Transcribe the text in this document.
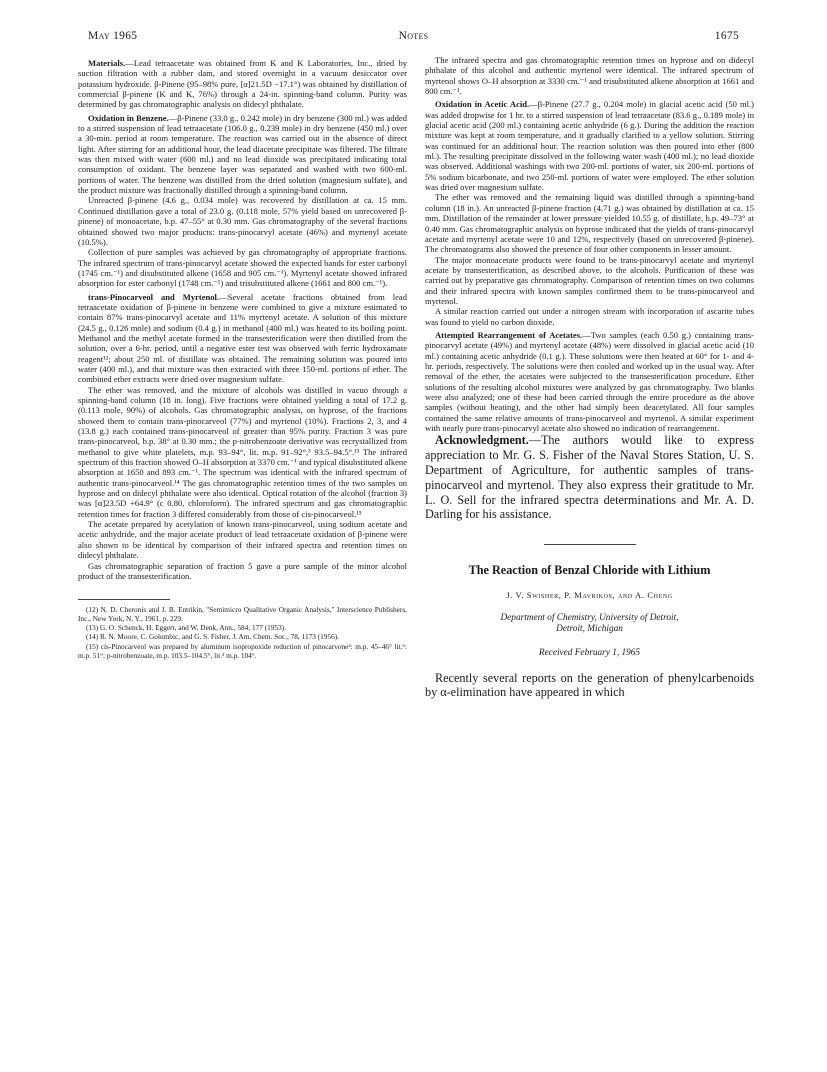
May 1965	Notes	1675

Materials.—Lead tetraacetate was obtained from K and K Laboratories, Inc., dried by suction filtration with a rubber dam, and stored overnight in a vacuum desiccator over potassium hydroxide. β-Pinene (95–98% pure, [α]21.5D −17.1°) was obtained by distillation of commercial β-pinene (K and K, 76%) through a 24-in. spinning-band column. Purity was determined by gas chromatographic analysis on didecyl phthalate.

Oxidation in Benzene.—β-Pinene (33.0 g., 0.242 mole) in dry benzene (300 ml.) was added to a stirred suspension of lead tetraacetate (106.0 g., 0.239 mole) in dry benzene (450 ml.) over a 30-min. period at room temperature. The reaction was carried out in the absence of direct light. After stirring for an additional hour, the lead diacetate precipitate was filtered. The filtrate was then mixed with water (600 ml.) and no lead dioxide was precipitated indicating total consumption of oxidant. The benzene layer was separated and washed with two 600-ml. portions of water. The benzene was distilled from the dried solution (magnesium sulfate), and the product mixture was fractionally distilled through a spinning-band column.

Unreacted β-pinene (4.6 g., 0.034 mole) was recovered by distillation at ca. 15 mm. Continued distillation gave a total of 23.0 g. (0.118 mole, 57% yield based on unrecovered β-pinene) of monoacetate, b.p. 47–55° at 0.30 mm. Gas chromatography of the several fractions obtained showed two major products: trans-pinocarvyl acetate (46%) and myrtenyl acetate (10.5%).

Collection of pure samples was achieved by gas chromatography of appropriate fractions. The infrared spectrum of trans-pinocarvyl acetate showed the expected bands for ester carbonyl (1745 cm.⁻¹) and disubstituted alkene (1658 and 905 cm.⁻¹). Myrtenyl acetate showed infrared absorption for ester carbonyl (1748 cm.⁻¹) and trisubstituted alkene (1661 and 800 cm.⁻¹).

trans-Pinocarveol and Myrtenol.—Several acetate fractions obtained from lead tetraacetate oxidation of β-pinene in benzene were combined to give a mixture estimated to contain 87% trans-pinocarvyl acetate and 11% myrtenyl acetate. A solution of this mixture (24.5 g., 0.126 mole) and sodium (0.4 g.) in methanol (400 ml.) was heated to its boiling point. Methanol and the methyl acetate formed in the transesterification were then distilled from the solution, over a 6-hr. period, until a negative ester test was observed with ferric hydroxamate reagent¹²; about 250 ml. of distillate was obtained. The remaining solution was poured into water (400 ml.), and that mixture was then extracted with three 150-ml. portions of ether. The combined ether extracts were dried over magnesium sulfate.

The ether was removed, and the mixture of alcohols was distilled in vacuo through a spinning-band column (18 in. long). Five fractions were obtained yielding a total of 17.2 g. (0.113 mole, 90%) of alcohols. Gas chromatographic analysis, on hyprose, of the fractions showed them to contain trans-pinocarveol (77%) and myrtenol (10%). Fractions 2, 3, and 4 (13.8 g.) each contained trans-pinocarveol of greater than 95% purity. Fraction 3 was pure trans-pinocarveol, b.p. 38° at 0.30 mm.; the p-nitrobenzoate derivative was recrystallized from methanol to give white platelets, m.p. 93–94°, lit. m.p. 91–92°,³ 93.5–94.5°.¹³ The infrared spectrum of this fraction showed O–H absorption at 3370 cm.⁻¹ and typical disubstituted alkene absorption at 1650 and 893 cm.⁻¹. The spectrum was identical with the infrared spectrum of authentic trans-pinocarveol.¹⁴ The gas chromatographic retention times of the two samples on hyprose and on didecyl phthalate were also identical. Optical rotation of the alcohol (fraction 3) was [α]23.5D +64.9° (c 0.80, chloroform). The infrared spectrum and gas chromatographic retention times for fraction 3 differed considerably from those of cis-pinocarveol.¹⁵

The acetate prepared by acetylation of known trans-pinocarveol, using sodium acetate and acetic anhydride, and the major acetate product of lead tetraacetate oxidation of β-pinene were also shown to be identical by comparison of their infrared spectra and retention times on didecyl phthalate.

Gas chromatographic separation of fraction 5 gave a pure sample of the minor alcohol product of the transesterification.

(12) N. D. Cheronis and J. B. Entrikin, "Semimicro Qualitative Organic Analysis," Interscience Publishers, Inc., New York, N. Y., 1961, p. 229.

(13) G. O. Schenck, H. Eggert, and W. Denk, Ann., 584, 177 (1953).

(14) R. N. Moore, C. Golumbic, and G. S. Fisher, J. Am. Chem. Soc., 78, 1173 (1956).

(15) cis-Pinocarveol was prepared by aluminum isopropoxide reduction of pinocarvone³: m.p. 45–46° lit.⁶: m.p. 51°; p-nitrobenzoate, m.p. 103.5–104.5°, lit.³ m.p. 104°.

The infrared spectra and gas chromatographic retention times on hyprose and on didecyl phthalate of this alcohol and authentic myrtenol were identical. The infrared spectrum of myrtenol shows O–H absorption at 3330 cm.⁻¹ and trisubstituted alkene absorption at 1661 and 800 cm.⁻¹.

Oxidation in Acetic Acid.—β-Pinene (27.7 g., 0.204 mole) in glacial acetic acid (50 ml.) was added dropwise for 1 hr. to a stirred suspension of lead tetraacetate (83.6 g., 0.189 mole) in glacial acetic acid (200 ml.) containing acetic anhydride (6 g.). During the addition the reaction mixture was kept at room temperature, and it gradually clarified to a yellow solution. Stirring was continued for an additional hour. The reaction solution was then poured into ether (800 ml.). The resulting precipitate dissolved in the following water wash (400 ml.); no lead dioxide was observed. Additional washings with two 200-ml. portions of water, six 200-ml. portions of 5% sodium bicarbonate, and two 250-ml. portions of water were employed. The ether solution was dried over magnesium sulfate.

The ether was removed and the remaining liquid was distilled through a spinning-band column (18 in.). An unreacted β-pinene fraction (4.71 g.) was obtained by distillation at ca. 15 mm. Distillation of the remainder at lower pressure yielded 10.55 g. of distillate, b.p. 49–73° at 0.40 mm. Gas chromatographic analysis on hyprose indicated that the yields of trans-pinocarvyl acetate and myrtenyl acetate were 10 and 12%, respectively (based on unrecovered β-pinene). The chromatograms also showed the presence of four other components in lesser amount.

The major monoacetate products were found to be trans-pinocarvyl acetate and myrtenyl acetate by transesterification, as described above, to the alcohols. Purification of these was carried out by preparative gas chromatography. Comparison of retention times on two columns and their infrared spectra with known samples confirmed them to be trans-pinocarveol and myrtenol.

A similar reaction carried out under a nitrogen stream with incorporation of ascarite tubes was found to yield no carbon dioxide.

Attempted Rearrangement of Acetates.—Two samples (each 0.50 g.) containing trans-pinocarvyl acetate (49%) and myrtenyl acetate (48%) were dissolved in glacial acetic acid (10 ml.) containing acetic anhydride (0.1 g.). These solutions were then heated at 60° for 1- and 4-hr. periods, respectively. The solutions were then cooled and worked up in the usual way. After removal of the ether, the acetates were subjected to the transesterification procedure. Ether solutions of the resulting alcohol mixtures were analyzed by gas chromatography. Two blanks were also analyzed; one of these had been carried through the entire procedure as the above samples (without heating), and the other had simply been deacetylated. All four samples contained the same relative amounts of trans-pinocarveol and myrtenol. A similar experiment with nearly pure trans-pinocarvyl acetate also showed no indication of rearrangement.

Acknowledgment.—The authors would like to express appreciation to Mr. G. S. Fisher of the Naval Stores Station, U. S. Department of Agriculture, for authentic samples of trans-pinocarveol and myrtenol. They also express their gratitude to Mr. L. O. Sell for the infrared spectra determinations and Mr. A. D. Darling for his assistance.

The Reaction of Benzal Chloride with Lithium
J. V. Swisher, P. Mavrikos, and A. Cheng
Department of Chemistry, University of Detroit,
Detroit, Michigan
Received February 1, 1965

Recently several reports on the generation of phenylcarbenoids by α-elimination have appeared in which
